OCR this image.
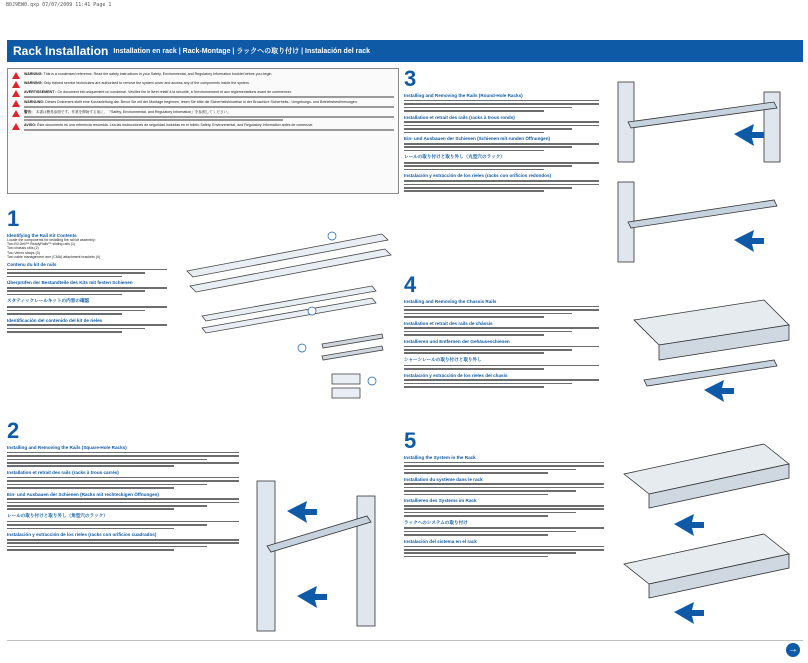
B0J9EW0.qxp 07/07/2009 11:41 Page 1
Rack Installation Installation en rack | Rack-Montage | ラックへの取り付け | Instalación del rack
WARNING: This is a condensed reference. Read the safety instructions in your Safety, Environmental, and Regulatory Information booklet before you begin.
WARNING: Only trained service technicians are authorized to remove the system cover and access any of the components inside the system.
AVERTISSEMENT : Ce document est uniquement un condensé. Veuillez lire le livret relatif à la sécurité, à l'environnement et aux réglementations avant de commencer.
WARNUNG: Dieses Dokument stellt eine Kurzanleitung dar. Bevor Sie mit der Montage beginnen, lesen Sie bitte die Sicherheitshinweise in der Broschüre Sicherheits-, Umgebungs- und Betriebsbestimmungen.
警告： 本書は簡易参照です。作業を開始する前に、『Safety, Environmental, and Regulatory Information』を参照してください。
AVISO: Éste documento es una referencia resumida. Lea las instrucciones de seguridad incluidas en el folleto Safety, Environmental, and Regulatory Information antes de comenzar.
1
Identifying the Rail Kit Contents
Locate the components for installing the rail kit assembly:
Two B3 Dell™ ReadyRails™ sliding rails (1)
Two chassis rails (2)
Two Velcro straps (3)
Two cable management arm (CMA) attachment brackets (4)
Contenu du kit de rails
Überprüfen der Bestandteile des Kits mit festen Schienen
スタティックレールキットの内容の確認
Identificación del contenido del kit de rieles
2
Installing and Removing the Rails (Square-Hole Racks)
Installation et retrait des rails (racks à trous carrés)
Ein- und Ausbauen der Schienen (Racks mit rechteckigen Öffnungen)
レールの取り付けと取り外し（角型穴のラック）
Instalación y extracción de los rieles (racks con orificios cuadrados)
3
Installing and Removing the Rails (Round-Hole Racks)
Installation et retrait des rails (racks à trous ronds)
Ein- und Ausbauen der Schienen (Schienen mit runden Öffnungen)
レールの取り付けと取り外し（丸型穴のラック）
Instalación y extracción de los rieles (racks con orificios redondos)
4
Installing and Removing the Chassis Rails
Installation et retrait des rails de châssis
Installieren und Entfernen der Gehäuseschienen
シャーシレールの取り付けと取り外し
Instalación y extracción de los rieles del chasis
5
Installing the System in the Rack
Installation du système dans le rack
Installieren des Systems im Rack
ラックへのシステムの取り付け
Instalación del sistema en el rack
→
